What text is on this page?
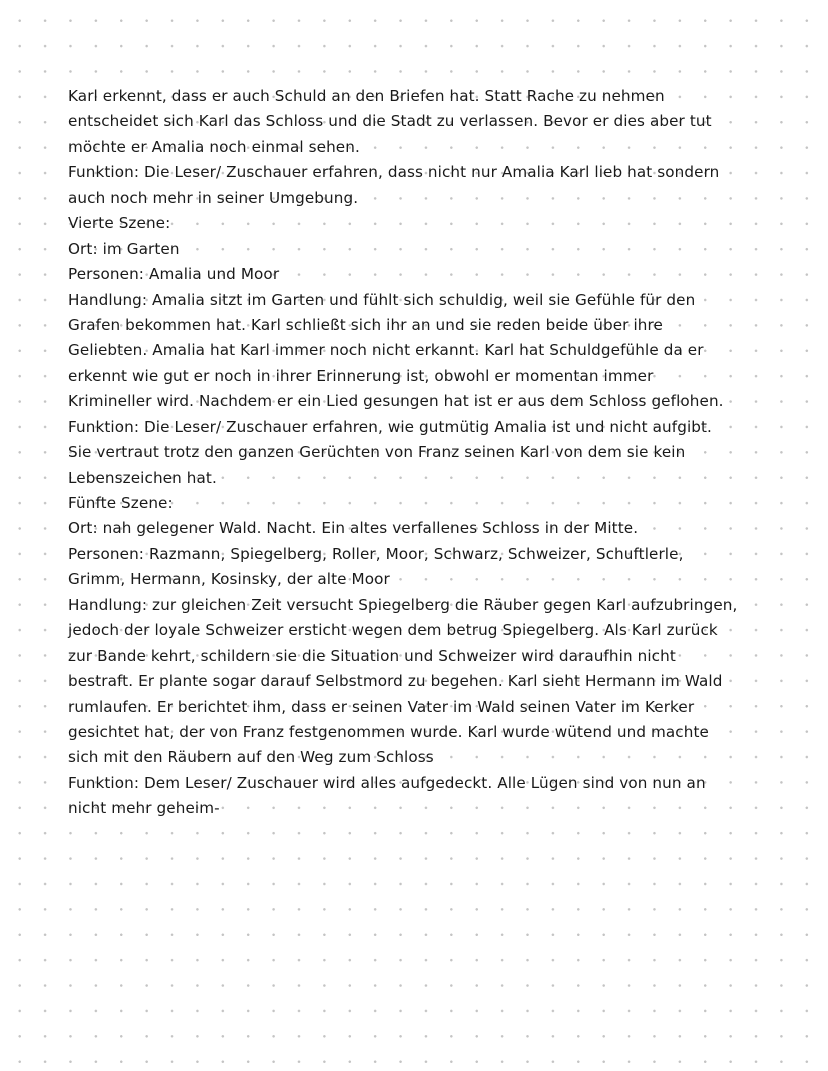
Karl erkennt, dass er auch Schuld an den Briefen hat. Statt Rache zu nehmen
entscheidet sich Karl das Schloss und die Stadt zu verlassen. Bevor er dies aber tut
möchte er Amalia noch einmal sehen.
Funktion: Die Leser/ Zuschauer erfahren, dass nicht nur Amalia Karl lieb hat sondern
auch noch mehr in seiner Umgebung.
Vierte Szene:
Ort: im Garten
Personen: Amalia und Moor
Handlung: Amalia sitzt im Garten und fühlt sich schuldig, weil sie Gefühle für den
Grafen bekommen hat. Karl schließt sich ihr an und sie reden beide über ihre
Geliebten. Amalia hat Karl immer noch nicht erkannt. Karl hat Schuldgefühle da er
erkennt wie gut er noch in ihrer Erinnerung ist, obwohl er momentan immer
Krimineller wird. Nachdem er ein Lied gesungen hat ist er aus dem Schloss geflohen.
Funktion: Die Leser/ Zuschauer erfahren, wie gutmütig Amalia ist und nicht aufgibt.
Sie vertraut trotz den ganzen Gerüchten von Franz seinen Karl von dem sie kein
Lebenszeichen hat.
Fünfte Szene:
Ort: nah gelegener Wald. Nacht. Ein altes verfallenes Schloss in der Mitte.
Personen: Razmann, Spiegelberg, Roller, Moor, Schwarz, Schweizer, Schuftlerle,
Grimm, Hermann, Kosinsky, der alte Moor
Handlung: zur gleichen Zeit versucht Spiegelberg die Räuber gegen Karl aufzubringen,
jedoch der loyale Schweizer ersticht wegen dem betrug Spiegelberg. Als Karl zurück
zur Bande kehrt, schildern sie die Situation und Schweizer wird daraufhin nicht
bestraft. Er plante sogar darauf Selbstmord zu begehen. Karl sieht Hermann im Wald
rumlaufen. Er berichtet ihm, dass er seinen Vater im Wald seinen Vater im Kerker
gesichtet hat, der von Franz festgenommen wurde. Karl wurde wütend und machte
sich mit den Räubern auf den Weg zum Schloss
Funktion: Dem Leser/ Zuschauer wird alles aufgedeckt. Alle Lügen sind von nun an
nicht mehr geheim-
